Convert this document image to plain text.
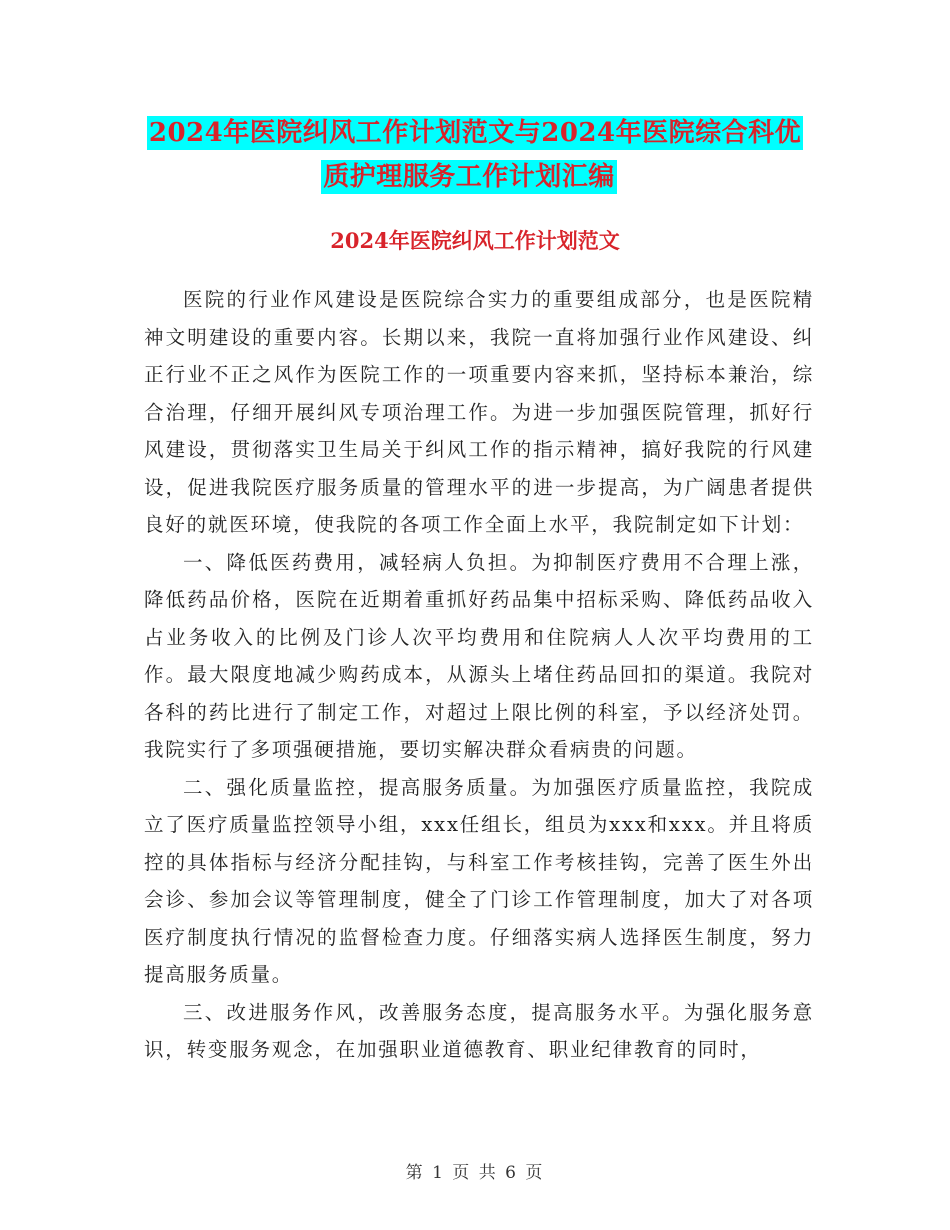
2024年医院纠风工作计划范文与2024年医院综合科优
质护理服务工作计划汇编
2024年医院纠风工作计划范文

医院的行业作风建设是医院综合实力的重要组成部分，也是医院精神文明建设的重要内容。长期以来，我院一直将加强行业作风建设、纠正行业不正之风作为医院工作的一项重要内容来抓，坚持标本兼治，综合治理，仔细开展纠风专项治理工作。为进一步加强医院管理，抓好行风建设，贯彻落实卫生局关于纠风工作的指示精神，搞好我院的行风建设，促进我院医疗服务质量的管理水平的进一步提高，为广阔患者提供良好的就医环境，使我院的各项工作全面上水平，我院制定如下计划：

一、降低医药费用，减轻病人负担。为抑制医疗费用不合理上涨，降低药品价格，医院在近期着重抓好药品集中招标采购、降低药品收入占业务收入的比例及门诊人次平均费用和住院病人人次平均费用的工作。最大限度地减少购药成本，从源头上堵住药品回扣的渠道。我院对各科的药比进行了制定工作，对超过上限比例的科室，予以经济处罚。我院实行了多项强硬措施，要切实解决群众看病贵的问题。

二、强化质量监控，提高服务质量。为加强医疗质量监控，我院成立了医疗质量监控领导小组，xxx任组长，组员为xxx和xxx。并且将质控的具体指标与经济分配挂钩，与科室工作考核挂钩，完善了医生外出会诊、参加会议等管理制度，健全了门诊工作管理制度，加大了对各项医疗制度执行情况的监督检查力度。仔细落实病人选择医生制度，努力提高服务质量。

三、改进服务作风，改善服务态度，提高服务水平。为强化服务意识，转变服务观念，在加强职业道德教育、职业纪律教育的同时，

第 1 页 共 6 页
